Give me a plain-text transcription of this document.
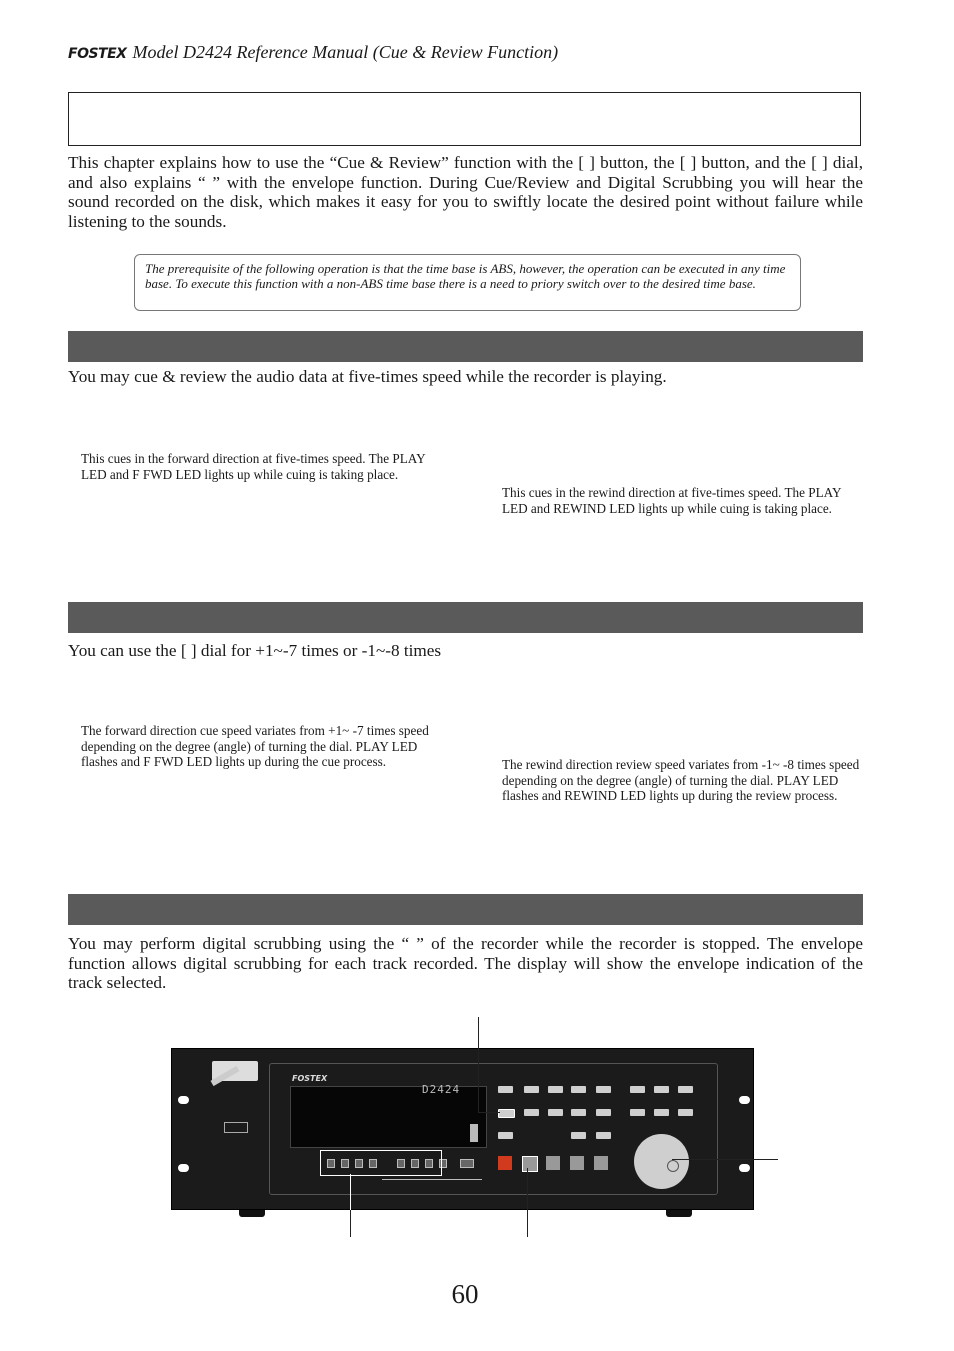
FOSTEX Model D2424 Reference Manual (Cue & Review Function)
This chapter explains how to use the “Cue & Review” function with the [ ] button, the [ ] button, and the [ ] dial, and also explains “ ” with the envelope function. During Cue/Review and Digital Scrubbing you will hear the sound recorded on the disk, which makes it easy for you to swiftly locate the desired point without failure while listening to the sounds.
The prerequisite of the following operation is that the time base is ABS, however, the operation can be executed in any time base. To execute this function with a non-ABS time base there is a need to priory switch over to the desired time base.
You may cue & review the audio data at five-times speed while the recorder is playing.
This cues in the forward direction at five-times speed. The PLAY LED and F FWD LED lights up while cuing is taking place.
This cues in the rewind direction at five-times speed. The PLAY LED and REWIND LED lights up while cuing is taking place.
You can use the [ ] dial for +1~-7 times or -1~-8 times
The forward direction cue speed variates from +1~ -7 times speed depending on the degree (angle) of turning the dial. PLAY LED flashes and F FWD LED lights up during the cue process.	The rewind direction review speed variates from -1~ -8 times speed depending on the degree (angle) of turning the dial. PLAY LED flashes and REWIND LED lights up during the review process.
You may perform digital scrubbing using the “ ” of the recorder while the recorder is stopped. The envelope function allows digital scrubbing for each track recorded. The display will show the envelope indication of the track selected.
FOSTEX
D2424
60
